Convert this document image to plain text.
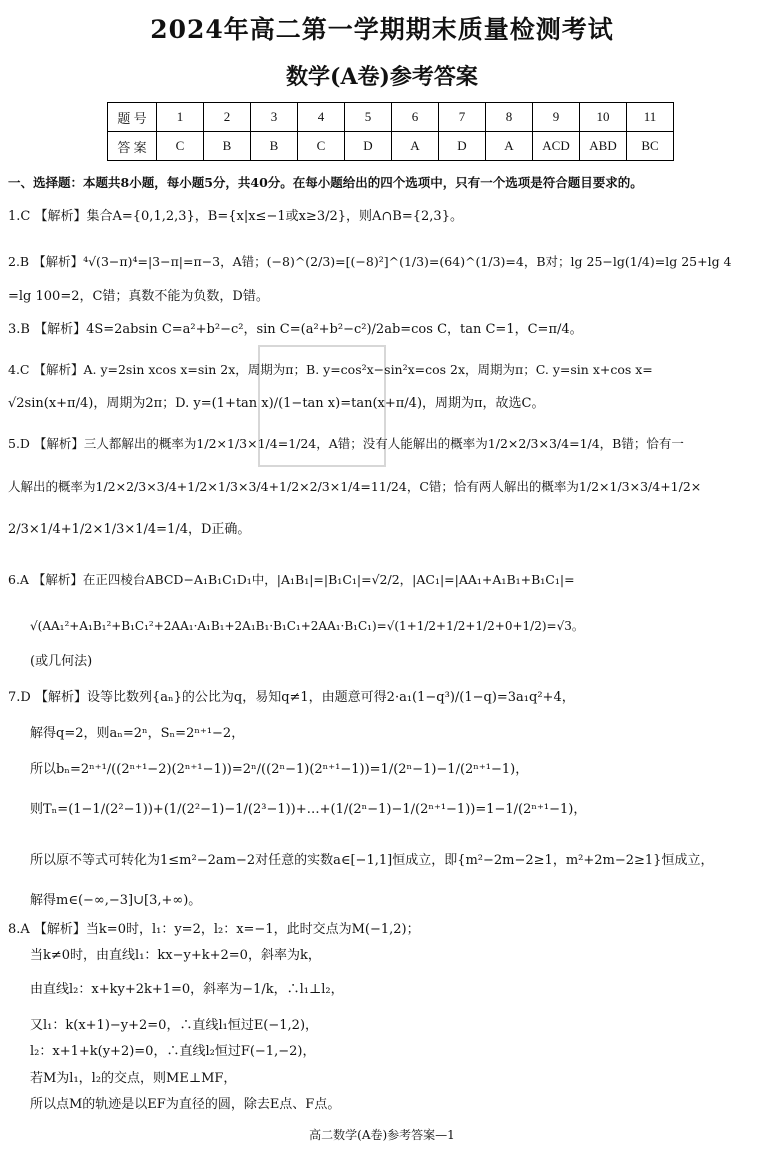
2024年高二第一学期期末质量检测考试
数学(A卷)参考答案
题 号	1	2	3	4	5	6	7	8	9	10	11
答 案	C	B	B	C	D	A	D	A	ACD	ABD	BC
一、选择题：本题共8小题，每小题5分，共40分。在每小题给出的四个选项中，只有一个选项是符合题目要求的。
1.C 【解析】集合A={0,1,2,3}，B={x|x≤−1或x≥3/2}，则A∩B={2,3}。
2.B 【解析】⁴√(3−π)⁴=|3−π|=π−3，A错；(−8)^(2/3)=[(−8)²]^(1/3)=(64)^(1/3)=4，B对；lg 25−lg(1/4)=lg 25+lg 4
=lg 100=2，C错；真数不能为负数，D错。
3.B 【解析】4S=2absin C=a²+b²−c²，sin C=(a²+b²−c²)/2ab=cos C，tan C=1，C=π/4。
4.C 【解析】A. y=2sin xcos x=sin 2x，周期为π；B. y=cos²x−sin²x=cos 2x，周期为π；C. y=sin x+cos x=
√2sin(x+π/4)，周期为2π；D. y=(1+tan x)/(1−tan x)=tan(x+π/4)，周期为π，故选C。
5.D 【解析】三人都解出的概率为1/2×1/3×1/4=1/24，A错；没有人能解出的概率为1/2×2/3×3/4=1/4，B错；恰有一
人解出的概率为1/2×2/3×3/4+1/2×1/3×3/4+1/2×2/3×1/4=11/24，C错；恰有两人解出的概率为1/2×1/3×3/4+1/2×
2/3×1/4+1/2×1/3×1/4=1/4，D正确。
6.A 【解析】在正四棱台ABCD−A₁B₁C₁D₁中，|A₁B₁|=|B₁C₁|=√2/2，|AC₁|=|AA₁+A₁B₁+B₁C₁|=
√(AA₁²+A₁B₁²+B₁C₁²+2AA₁·A₁B₁+2A₁B₁·B₁C₁+2AA₁·B₁C₁)=√(1+1/2+1/2+1/2+0+1/2)=√3。
(或几何法)
7.D 【解析】设等比数列{aₙ}的公比为q，易知q≠1，由题意可得2·a₁(1−q³)/(1−q)=3a₁q²+4，
解得q=2，则aₙ=2ⁿ，Sₙ=2ⁿ⁺¹−2，
所以bₙ=2ⁿ⁺¹/((2ⁿ⁺¹−2)(2ⁿ⁺¹−1))=2ⁿ/((2ⁿ−1)(2ⁿ⁺¹−1))=1/(2ⁿ−1)−1/(2ⁿ⁺¹−1)，
则Tₙ=(1−1/(2²−1))+(1/(2²−1)−1/(2³−1))+…+(1/(2ⁿ−1)−1/(2ⁿ⁺¹−1))=1−1/(2ⁿ⁺¹−1)，
所以原不等式可转化为1≤m²−2am−2对任意的实数a∈[−1,1]恒成立，即{m²−2m−2≥1，m²+2m−2≥1}恒成立，
解得m∈(−∞,−3]∪[3,+∞)。
8.A 【解析】当k=0时，l₁：y=2，l₂：x=−1，此时交点为M(−1,2)；
当k≠0时，由直线l₁：kx−y+k+2=0，斜率为k，
由直线l₂：x+ky+2k+1=0，斜率为−1/k，∴l₁⊥l₂，
又l₁：k(x+1)−y+2=0，∴直线l₁恒过E(−1,2)，
l₂：x+1+k(y+2)=0，∴直线l₂恒过F(−1,−2)，
若M为l₁，l₂的交点，则ME⊥MF，
所以点M的轨迹是以EF为直径的圆，除去E点、F点。
高二数学(A卷)参考答案—1
